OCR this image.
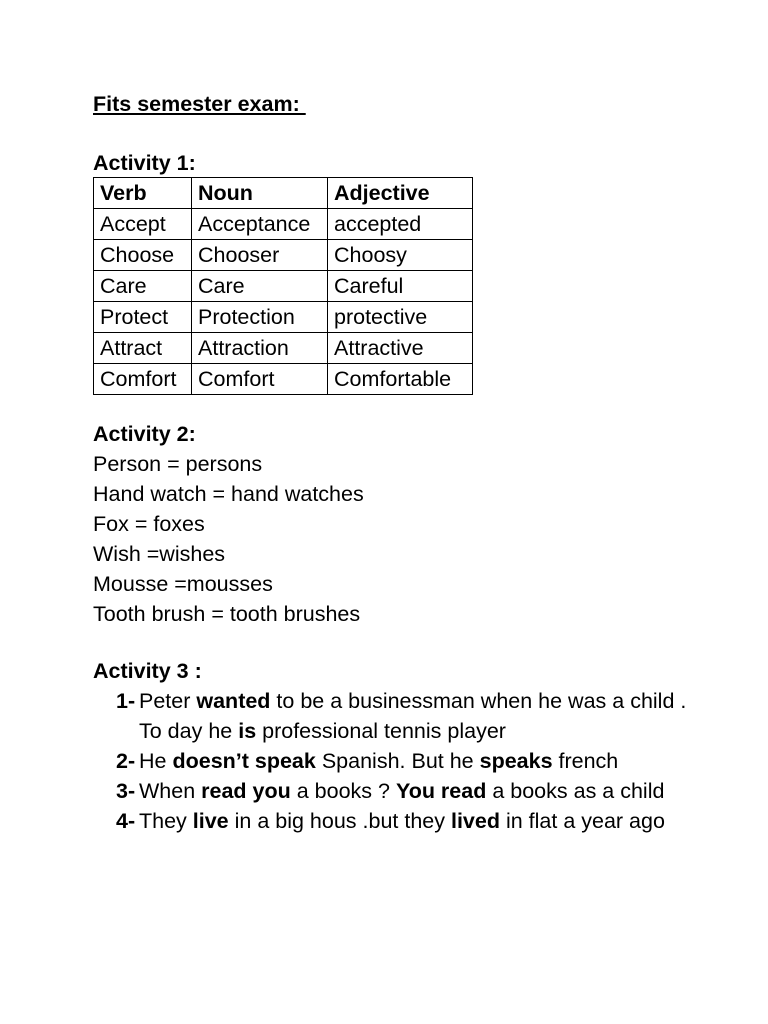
Fits semester exam:
Activity 1:
Verb	Noun	Adjective
Accept	Acceptance	accepted
Choose	Chooser	Choosy
Care	Care	Careful
Protect	Protection	protective
Attract	Attraction	Attractive
Comfort	Comfort	Comfortable
Activity 2:
Person = persons
Hand watch = hand watches
Fox = foxes
Wish =wishes
Mousse =mousses
Tooth brush = tooth brushes
Activity 3 :
1- Peter wanted to be a businessman when he was a child . To day he is professional tennis player
2- He doesn’t speak Spanish. But he speaks french
3- When read you a books ? You read a books as a child
4- They live in a big hous .but they lived in flat a year ago
